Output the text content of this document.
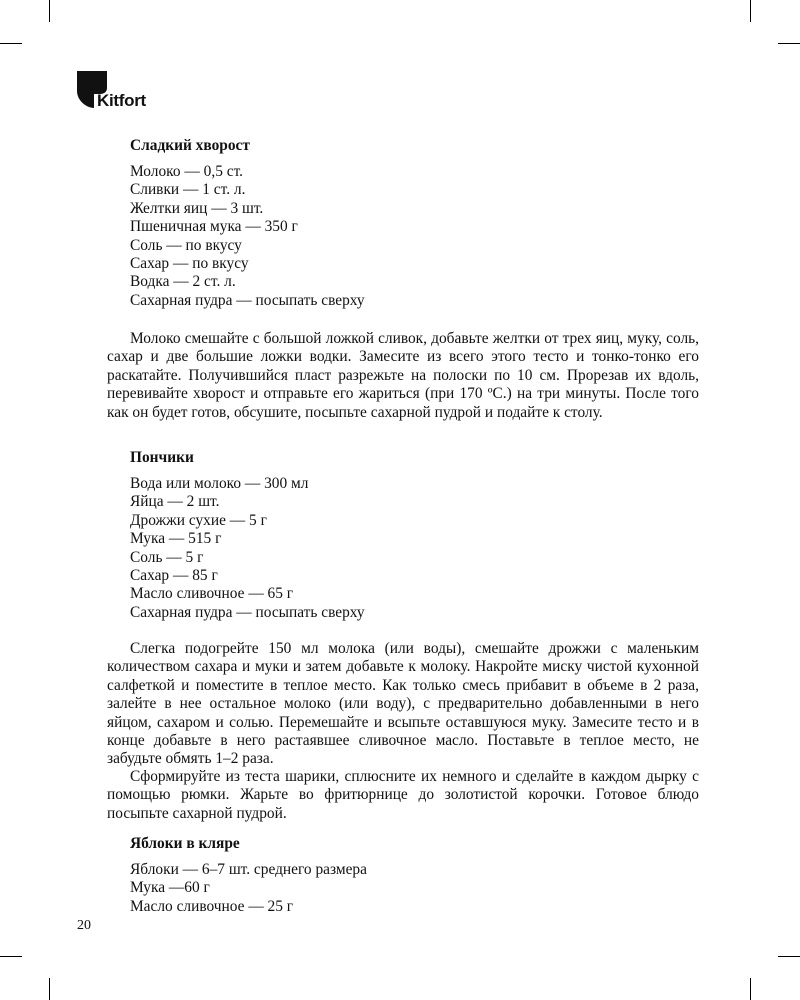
Kitfort
Сладкий хворост
Молоко — 0,5 ст.
Сливки — 1 ст. л.
Желтки яиц — 3 шт.
Пшеничная мука — 350 г
Соль — по вкусу
Сахар — по вкусу
Водка — 2 ст. л.
Сахарная пудра — посыпать сверху

Молоко смешайте с большой ложкой сливок, добавьте желтки от трех яиц, муку, соль, сахар и две большие ложки водки. Замесите из всего этого тесто и тонко-тонко его раскатайте. Получившийся пласт разрежьте на полоски по 10 см. Прорезав их вдоль, перевивайте хворост и отправьте его жариться (при 170 ºС.) на три минуты. После того как он будет готов, обсушите, посыпьте сахарной пудрой и подайте к столу.

Пончики
Вода или молоко — 300 мл
Яйца — 2 шт.
Дрожжи сухие — 5 г
Мука — 515 г
Соль — 5 г
Сахар — 85 г
Масло сливочное — 65 г
Сахарная пудра — посыпать сверху

Слегка подогрейте 150 мл молока (или воды), смешайте дрожжи с маленьким количеством сахара и муки и затем добавьте к молоку. Накройте миску чистой кухонной салфеткой и поместите в теплое место. Как только смесь прибавит в объеме в 2 раза, залейте в нее остальное молоко (или воду), с предварительно добавленными в него яйцом, сахаром и солью. Перемешайте и всыпьте оставшуюся муку. Замесите тесто и в конце добавьте в него растаявшее сливочное масло. Поставьте в теплое место, не забудьте обмять 1–2 раза.

Сформируйте из теста шарики, сплюсните их немного и сделайте в каждом дырку с помощью рюмки. Жарьте во фритюрнице до золотистой корочки. Готовое блюдо посыпьте сахарной пудрой.

Яблоки в кляре
Яблоки — 6–7 шт. среднего размера
Мука —60 г
Масло сливочное — 25 г
20
